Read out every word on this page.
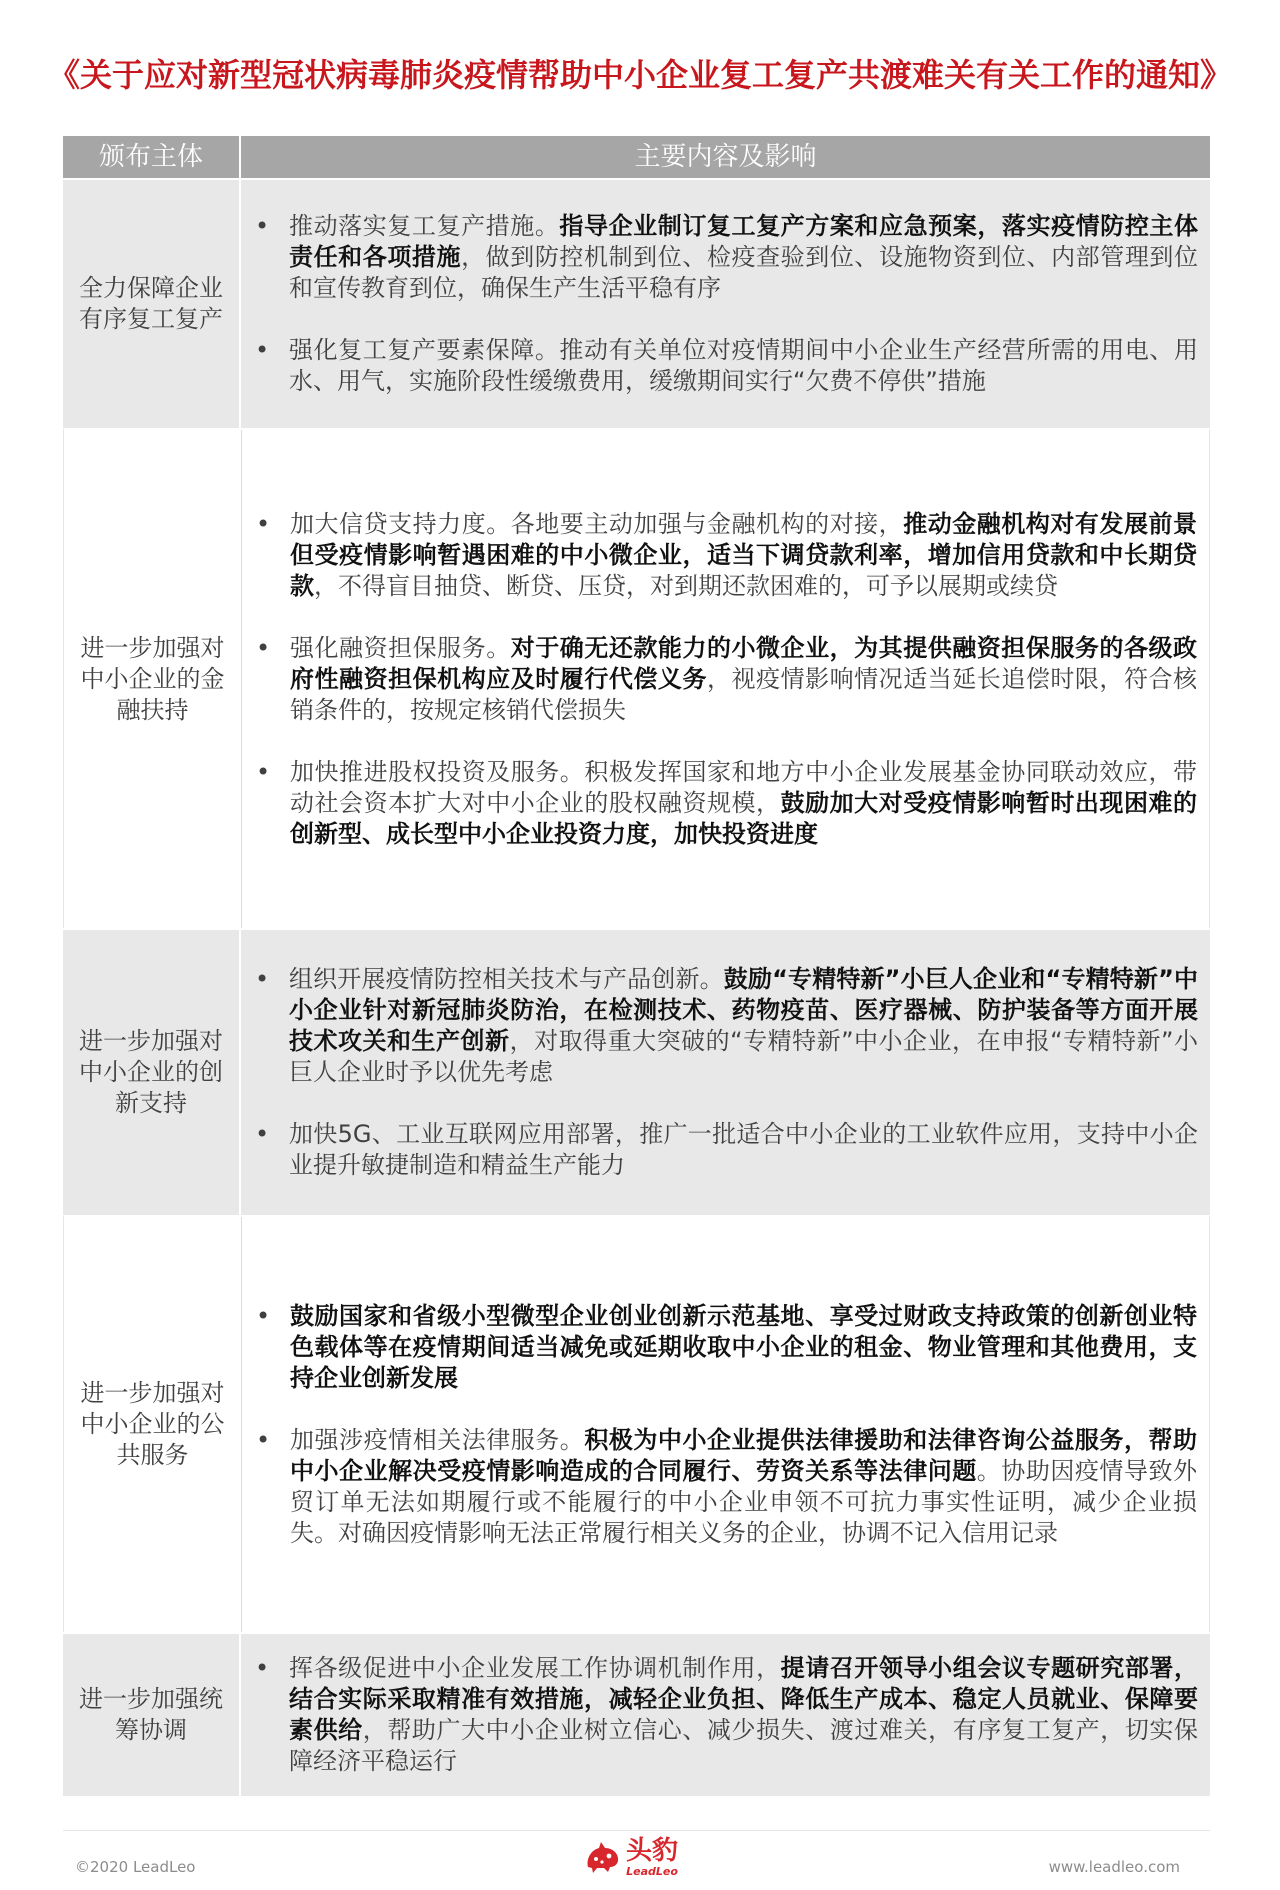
《关于应对新型冠状病毒肺炎疫情帮助中小企业复工复产共渡难关有关工作的通知》
颁布主体	主要内容及影响
全力保障企业
有序复工复产
• 推动落实复工复产措施。指导企业制订复工复产方案和应急预案，落实疫情防控主体责任和各项措施，做到防控机制到位、检疫查验到位、设施物资到位、内部管理到位和宣传教育到位，确保生产生活平稳有序

• 强化复工复产要素保障。推动有关单位对疫情期间中小企业生产经营所需的用电、用水、用气，实施阶段性缓缴费用，缓缴期间实行“欠费不停供”措施

进一步加强对
中小企业的金
融扶持
• 加大信贷支持力度。各地要主动加强与金融机构的对接，推动金融机构对有发展前景但受疫情影响暂遇困难的中小微企业，适当下调贷款利率，增加信用贷款和中长期贷款，不得盲目抽贷、断贷、压贷，对到期还款困难的，可予以展期或续贷

• 强化融资担保服务。对于确无还款能力的小微企业，为其提供融资担保服务的各级政府性融资担保机构应及时履行代偿义务，视疫情影响情况适当延长追偿时限，符合核销条件的，按规定核销代偿损失

• 加快推进股权投资及服务。积极发挥国家和地方中小企业发展基金协同联动效应，带动社会资本扩大对中小企业的股权融资规模，鼓励加大对受疫情影响暂时出现困难的创新型、成长型中小企业投资力度，加快投资进度

进一步加强对
中小企业的创
新支持
• 组织开展疫情防控相关技术与产品创新。鼓励“专精特新”小巨人企业和“专精特新”中小企业针对新冠肺炎防治，在检测技术、药物疫苗、医疗器械、防护装备等方面开展技术攻关和生产创新，对取得重大突破的“专精特新”中小企业，在申报“专精特新”小巨人企业时予以优先考虑

• 加快5G、工业互联网应用部署，推广一批适合中小企业的工业软件应用，支持中小企业提升敏捷制造和精益生产能力

进一步加强对
中小企业的公
共服务
• 鼓励国家和省级小型微型企业创业创新示范基地、享受过财政支持政策的创新创业特色载体等在疫情期间适当减免或延期收取中小企业的租金、物业管理和其他费用，支持企业创新发展

• 加强涉疫情相关法律服务。积极为中小企业提供法律援助和法律咨询公益服务，帮助中小企业解决受疫情影响造成的合同履行、劳资关系等法律问题。协助因疫情导致外贸订单无法如期履行或不能履行的中小企业申领不可抗力事实性证明，减少企业损失。对确因疫情影响无法正常履行相关义务的企业，协调不记入信用记录

进一步加强统
筹协调
• 挥各级促进中小企业发展工作协调机制作用，提请召开领导小组会议专题研究部署，结合实际采取精准有效措施，减轻企业负担、降低生产成本、稳定人员就业、保障要素供给，帮助广大中小企业树立信心、减少损失、渡过难关，有序复工复产，切实保障经济平稳运行

©2020 LeadLeo
头豹
LeadLeo	www.leadleo.com
